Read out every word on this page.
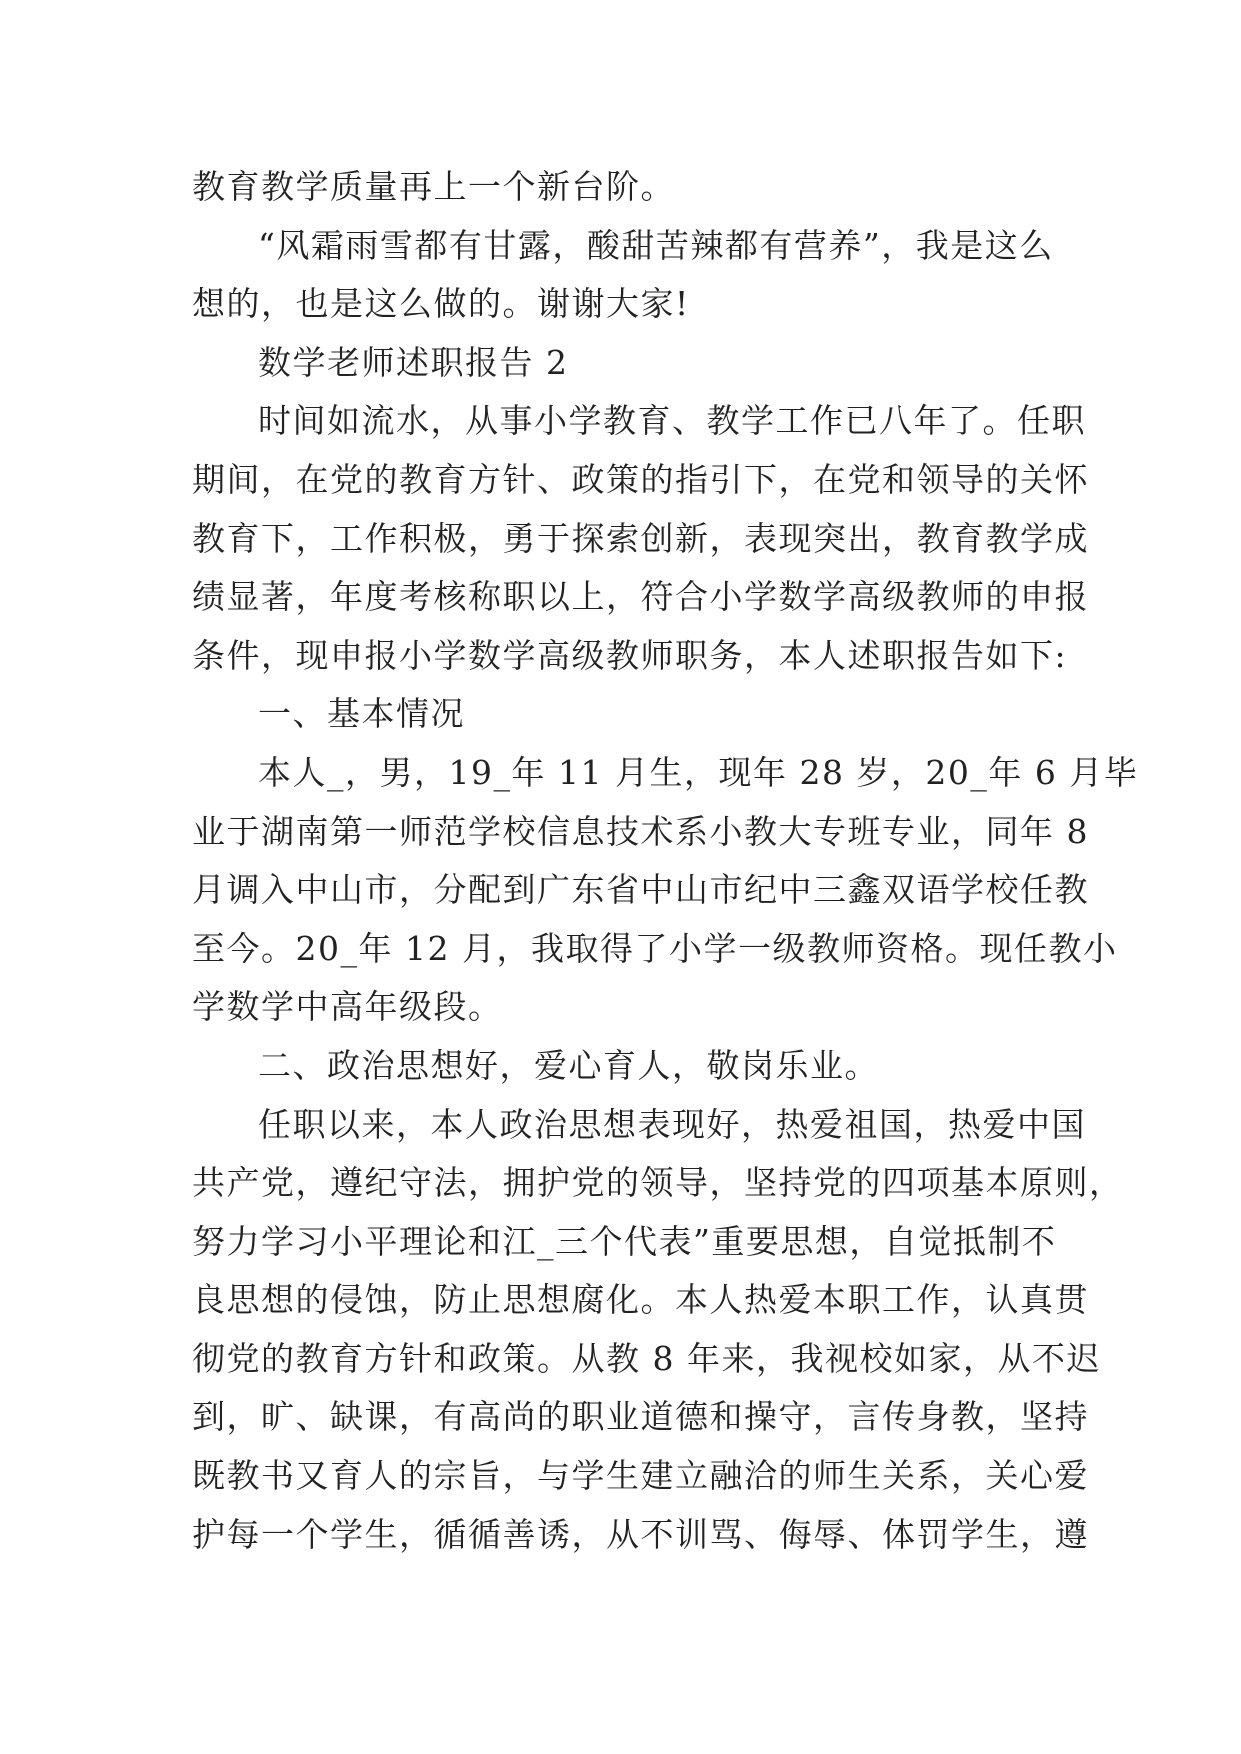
教育教学质量再上一个新台阶。
“风霜雨雪都有甘露，酸甜苦辣都有营养”，我是这么
想的，也是这么做的。谢谢大家!
数学老师述职报告 2
时间如流水，从事小学教育、教学工作已八年了。任职
期间，在党的教育方针、政策的指引下，在党和领导的关怀
教育下，工作积极，勇于探索创新，表现突出，教育教学成
绩显著，年度考核称职以上，符合小学数学高级教师的申报
条件，现申报小学数学高级教师职务，本人述职报告如下:
一、基本情况
本人_，男，19_年 11 月生，现年 28 岁，20_年 6 月毕
业于湖南第一师范学校信息技术系小教大专班专业，同年 8
月调入中山市，分配到广东省中山市纪中三鑫双语学校任教
至今。20_年 12 月，我取得了小学一级教师资格。现任教小
学数学中高年级段。
二、政治思想好，爱心育人，敬岗乐业。
任职以来，本人政治思想表现好，热爱祖国，热爱中国
共产党，遵纪守法，拥护党的领导，坚持党的四项基本原则，
努力学习小平理论和江_三个代表”重要思想，自觉抵制不
良思想的侵蚀，防止思想腐化。本人热爱本职工作，认真贯
彻党的教育方针和政策。从教 8 年来，我视校如家，从不迟
到，旷、缺课，有高尚的职业道德和操守，言传身教，坚持
既教书又育人的宗旨，与学生建立融洽的师生关系，关心爱
护每一个学生，循循善诱，从不训骂、侮辱、体罚学生，遵
